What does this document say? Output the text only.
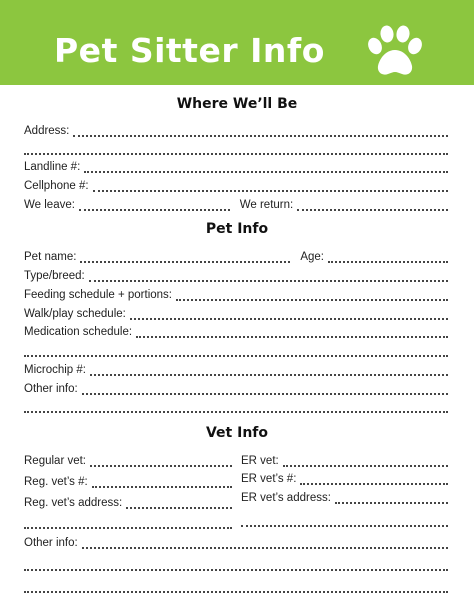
Pet Sitter Info
Where We’ll Be
Address:
Landline #:
Cellphone #:
We leave:	We return:
Pet Info
Pet name:	Age:
Type/breed:
Feeding schedule + portions:
Walk/play schedule:
Medication schedule:
Microchip #:
Other info:
Vet Info
Regular vet:
Reg. vet’s #:
Reg. vet’s address:
ER vet:
ER vet’s #:
ER vet’s address:
Other info:
